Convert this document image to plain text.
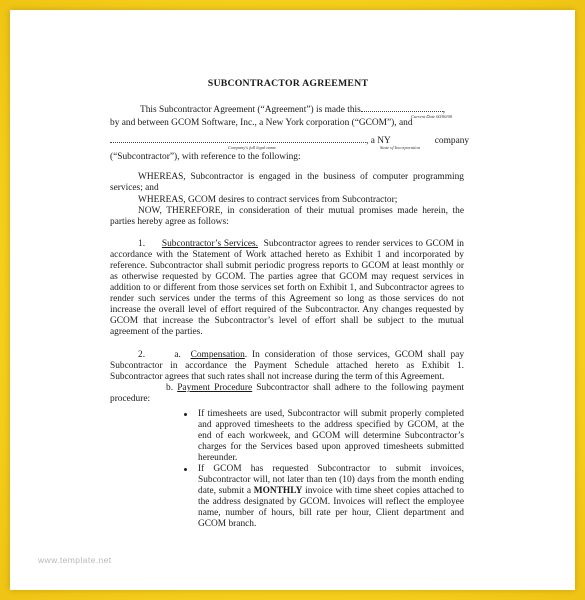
SUBCONTRACTOR AGREEMENT
This Subcontractor Agreement (“Agreement”) is made this	,
Current Date 00/00/00
by and between GCOM Software, Inc., a New York corporation (“GCOM”), and
, a NY	company
Company's full legal name	State of Incorporation
(“Subcontractor”), with reference to the following:
WHEREAS, Subcontractor is engaged in the business of computer programming services; and
WHEREAS, GCOM desires to contract services from Subcontractor;
NOW, THEREFORE, in consideration of their mutual promises made herein, the parties hereby agree as follows:
1. Subcontractor’s Services. Subcontractor agrees to render services to GCOM in accordance with the Statement of Work attached hereto as Exhibit 1 and incorporated by reference. Subcontractor shall submit periodic progress reports to GCOM at least monthly or as otherwise requested by GCOM. The parties agree that GCOM may request services in addition to or different from those services set forth on Exhibit 1, and Subcontractor agrees to render such services under the terms of this Agreement so long as those services do not increase the overall level of effort required of the Subcontractor. Any changes requested by GCOM that increase the Subcontractor’s level of effort shall be subject to the mutual agreement of the parties.
2.	a. Compensation. In consideration of those services, GCOM shall pay Subcontractor in accordance the Payment Schedule attached hereto as Exhibit 1. Subcontractor agrees that such rates shall not increase during the term of this Agreement.
b. Payment Procedure Subcontractor shall adhere to the following payment procedure:
If timesheets are used, Subcontractor will submit properly completed and approved timesheets to the address specified by GCOM, at the end of each workweek, and GCOM will determine Subcontractor’s charges for the Services based upon approved timesheets submitted hereunder.
If GCOM has requested Subcontractor to submit invoices, Subcontractor will, not later than ten (10) days from the month ending date, submit a MONTHLY invoice with time sheet copies attached to the address designated by GCOM. Invoices will reflect the employee name, number of hours, bill rate per hour, Client department and GCOM branch.
www.template.net
